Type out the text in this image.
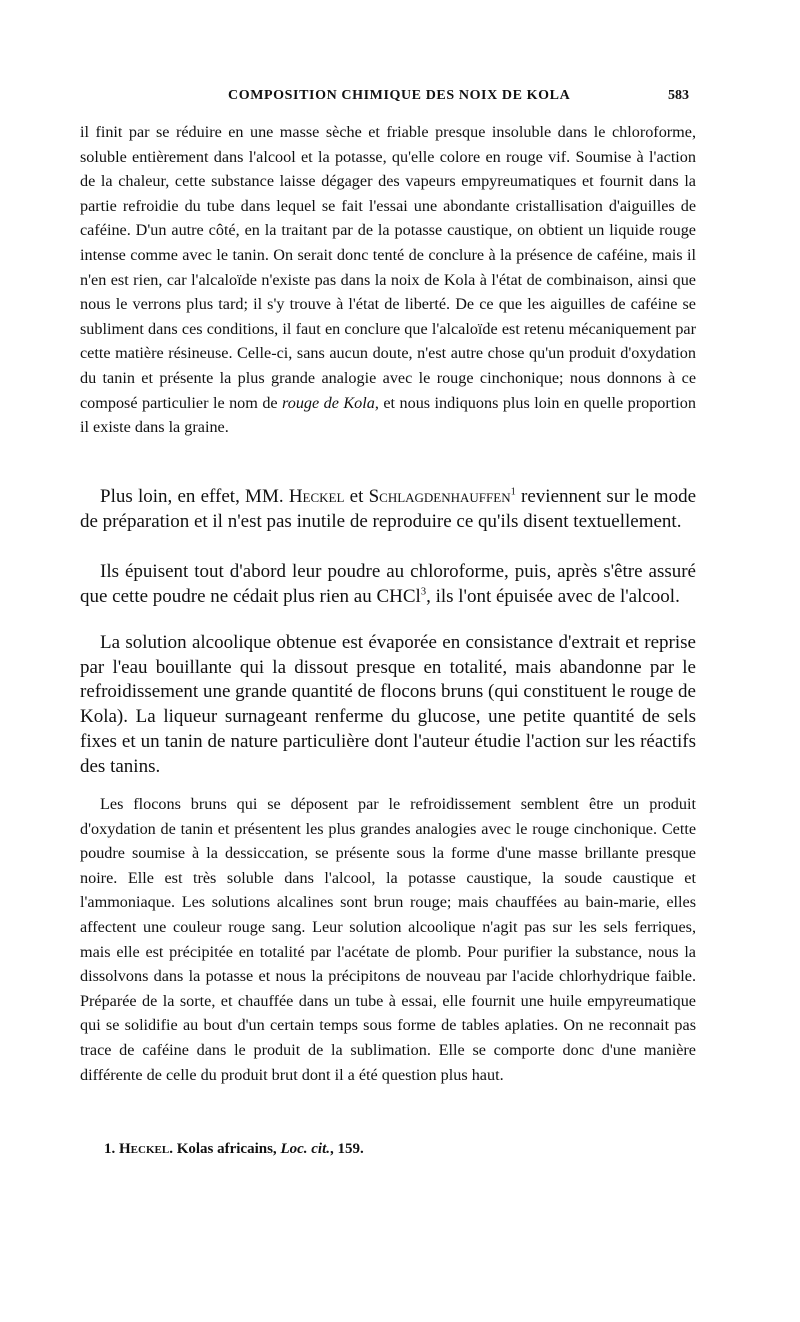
COMPOSITION CHIMIQUE DES NOIX DE KOLA	583

il finit par se réduire en une masse sèche et friable presque insoluble dans le chloroforme, soluble entièrement dans l'alcool et la potasse, qu'elle colore en rouge vif. Soumise à l'action de la chaleur, cette substance laisse dégager des vapeurs empyreumatiques et fournit dans la partie refroidie du tube dans lequel se fait l'essai une abondante cristallisation d'aiguilles de caféine. D'un autre côté, en la traitant par de la potasse caustique, on obtient un liquide rouge intense comme avec le tanin. On serait donc tenté de conclure à la présence de caféine, mais il n'en est rien, car l'alcaloïde n'existe pas dans la noix de Kola à l'état de combinaison, ainsi que nous le verrons plus tard; il s'y trouve à l'état de liberté. De ce que les aiguilles de caféine se subliment dans ces conditions, il faut en conclure que l'alcaloïde est retenu mécaniquement par cette matière résineuse. Celle-ci, sans aucun doute, n'est autre chose qu'un produit d'oxydation du tanin et présente la plus grande analogie avec le rouge cinchonique; nous donnons à ce composé particulier le nom de rouge de Kola, et nous indiquons plus loin en quelle proportion il existe dans la graine.

Plus loin, en effet, MM. Heckel et Schlagdenhauffen$^1$ reviennent sur le mode de préparation et il n'est pas inutile de reproduire ce qu'ils disent textuellement.

Ils épuisent tout d'abord leur poudre au chloroforme, puis, après s'être assuré que cette poudre ne cédait plus rien au CHCl$^3$, ils l'ont épuisée avec de l'alcool.

La solution alcoolique obtenue est évaporée en consistance d'extrait et reprise par l'eau bouillante qui la dissout presque en totalité, mais abandonne par le refroidissement une grande quantité de flocons bruns (qui constituent le rouge de Kola). La liqueur surnageant renferme du glucose, une petite quantité de sels fixes et un tanin de nature particulière dont l'auteur étudie l'action sur les réactifs des tanins.

Les flocons bruns qui se déposent par le refroidissement semblent être un produit d'oxydation de tanin et présentent les plus grandes analogies avec le rouge cinchonique. Cette poudre soumise à la dessiccation, se présente sous la forme d'une masse brillante presque noire. Elle est très soluble dans l'alcool, la potasse caustique, la soude caustique et l'ammoniaque. Les solutions alcalines sont brun rouge; mais chauffées au bain-marie, elles affectent une couleur rouge sang. Leur solution alcoolique n'agit pas sur les sels ferriques, mais elle est précipitée en totalité par l'acétate de plomb. Pour purifier la substance, nous la dissolvons dans la potasse et nous la précipitons de nouveau par l'acide chlorhydrique faible. Préparée de la sorte, et chauffée dans un tube à essai, elle fournit une huile empyreumatique qui se solidifie au bout d'un certain temps sous forme de tables aplaties. On ne reconnait pas trace de caféine dans le produit de la sublimation. Elle se comporte donc d'une manière différente de celle du produit brut dont il a été question plus haut.

1. Heckel. Kolas africains, Loc. cit., 159.
